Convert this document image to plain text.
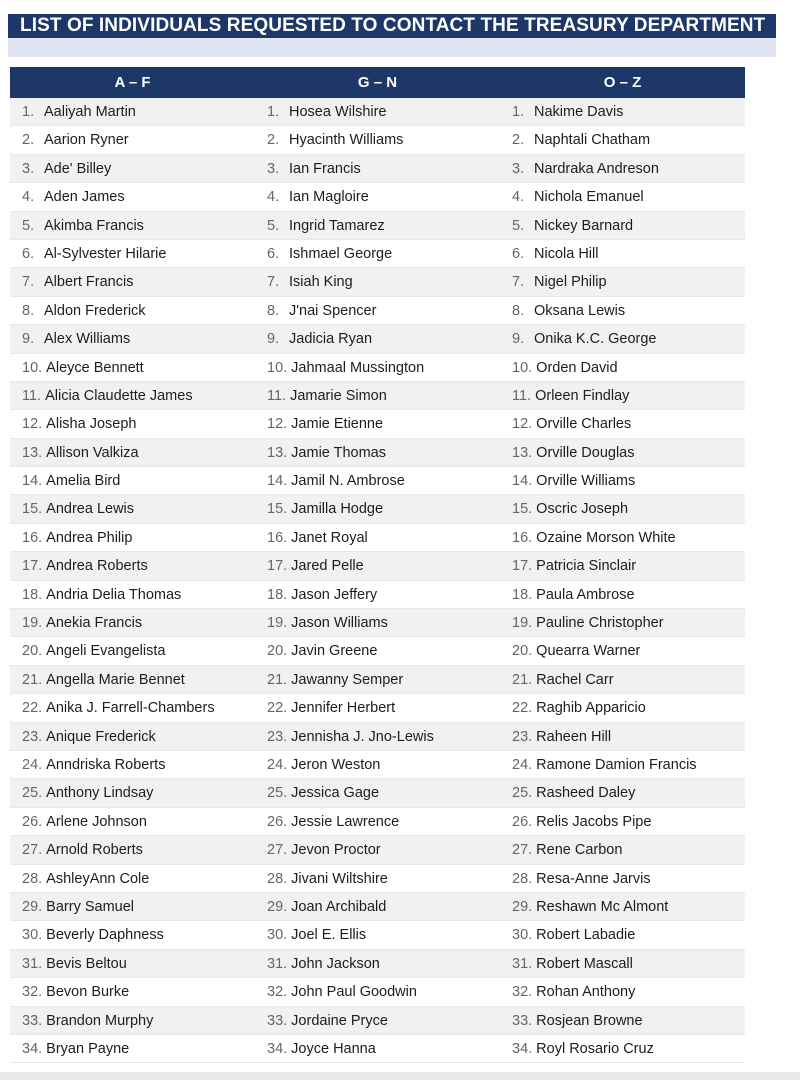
LIST OF INDIVIDUALS REQUESTED TO CONTACT THE TREASURY DEPARTMENT
A – F	G – N	O – Z
1. Aaliyah Martin	1. Hosea Wilshire	1. Nakime Davis
2. Aarion Ryner	2. Hyacinth Williams	2. Naphtali Chatham
3. Ade' Billey	3. Ian Francis	3. Nardraka Andreson
4. Aden James	4. Ian Magloire	4. Nichola Emanuel
5. Akimba Francis	5. Ingrid Tamarez	5. Nickey Barnard
6. Al-Sylvester Hilarie	6. Ishmael George	6. Nicola Hill
7. Albert Francis	7. Isiah King	7. Nigel Philip
8. Aldon Frederick	8. J'nai Spencer	8. Oksana Lewis
9. Alex Williams	9. Jadicia Ryan	9. Onika K.C. George
10. Aleyce Bennett	10. Jahmaal Mussington	10. Orden David
11. Alicia Claudette James	11. Jamarie Simon	11. Orleen Findlay
12. Alisha Joseph	12. Jamie Etienne	12. Orville Charles
13. Allison Valkiza	13. Jamie Thomas	13. Orville Douglas
14. Amelia Bird	14. Jamil N. Ambrose	14. Orville Williams
15. Andrea Lewis	15. Jamilla Hodge	15. Oscric Joseph
16. Andrea Philip	16. Janet Royal	16. Ozaine Morson White
17. Andrea Roberts	17. Jared Pelle	17. Patricia Sinclair
18. Andria Delia Thomas	18. Jason Jeffery	18. Paula Ambrose
19. Anekia Francis	19. Jason Williams	19. Pauline Christopher
20. Angeli Evangelista	20. Javin Greene	20. Quearra Warner
21. Angella Marie Bennet	21. Jawanny Semper	21. Rachel Carr
22. Anika J. Farrell-Chambers	22. Jennifer Herbert	22. Raghib Apparicio
23. Anique Frederick	23. Jennisha J. Jno-Lewis	23. Raheen Hill
24. Anndriska Roberts	24. Jeron Weston	24. Ramone Damion Francis
25. Anthony Lindsay	25. Jessica Gage	25. Rasheed Daley
26. Arlene Johnson	26. Jessie Lawrence	26. Relis Jacobs Pipe
27. Arnold Roberts	27. Jevon Proctor	27. Rene Carbon
28. AshleyAnn Cole	28. Jivani Wiltshire	28. Resa-Anne Jarvis
29. Barry Samuel	29. Joan Archibald	29. Reshawn Mc Almont
30. Beverly Daphness	30. Joel E. Ellis	30. Robert Labadie
31. Bevis Beltou	31. John Jackson	31. Robert Mascall
32. Bevon Burke	32. John Paul Goodwin	32. Rohan Anthony
33. Brandon Murphy	33. Jordaine Pryce	33. Rosjean Browne
34. Bryan Payne	34. Joyce Hanna	34. Royl Rosario Cruz
